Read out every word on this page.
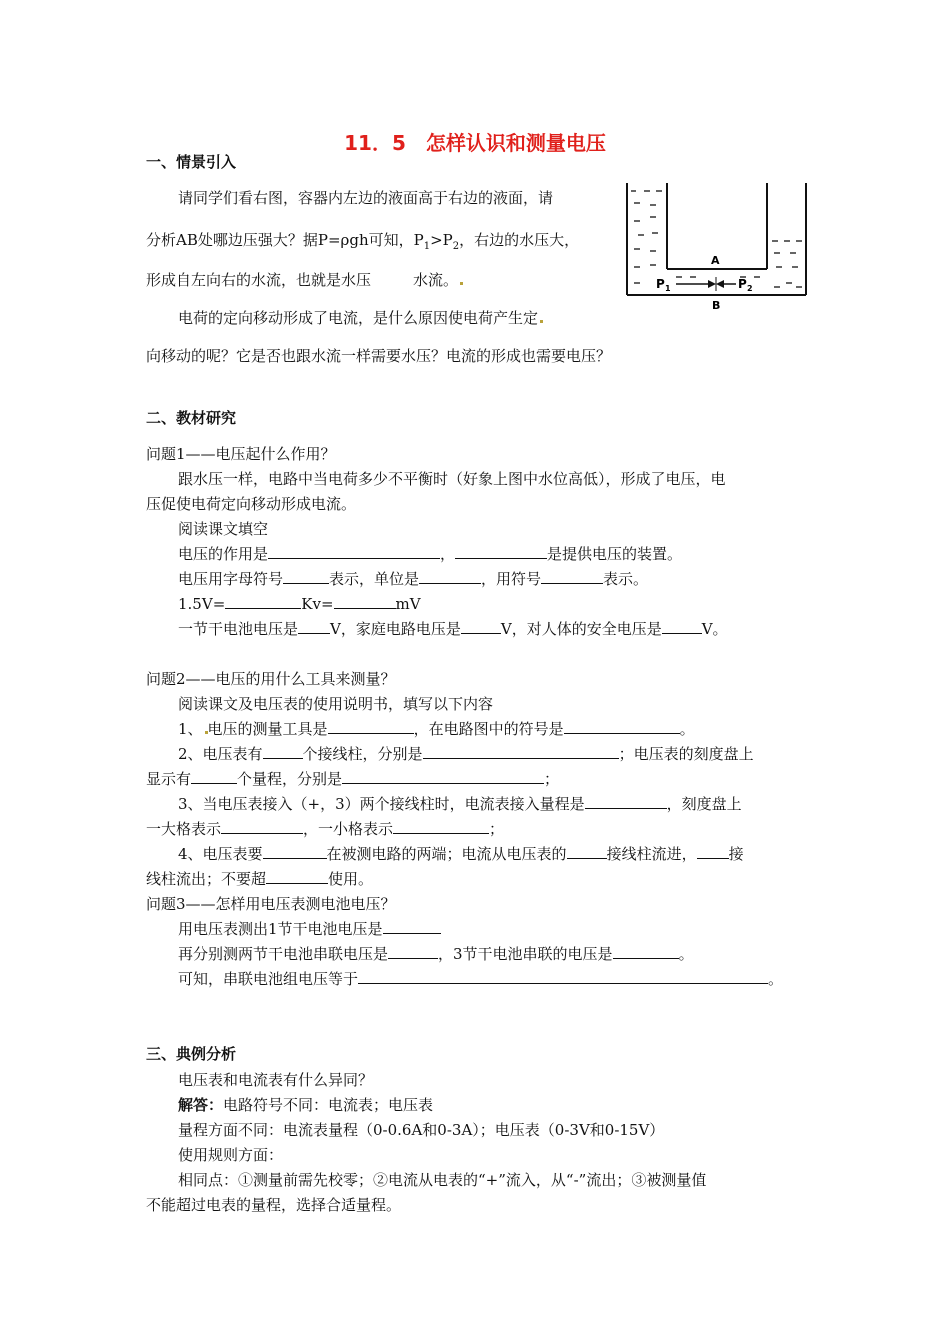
11．5　怎样认识和测量电压
一、情景引入
请同学们看右图，容器内左边的液面高于右边的液面，请
分析AB处哪边压强大？据P=ρgh可知，$P_1>P_2$，右边的水压大，
形成自左向右的水流，也就是水压	水流。
电荷的定向移动形成了电流，是什么原因使电荷产生定
向移动的呢？它是否也跟水流一样需要水压？电流的形成也需要电压？
A
B
P 1	P 2
二、教材研究
问题1——电压起什么作用？
跟水压一样，电路中当电荷多少不平衡时（好象上图中水位高低），形成了电压，电
压促使电荷定向移动形成电流。
阅读课文填空
电压的作用是	，	是提供电压的装置。
电压用字母符号	表示，单位是	，用符号	表示。
1.5V=	Kv=	mV
一节干电池电压是 V，家庭电路电压是	V，对人体的安全电压是	V。
问题2——电压的用什么工具来测量？
阅读课文及电压表的使用说明书，填写以下内容
1、 电压的测量工具是	，在电路图中的符号是	。
2、电压表有	个接线柱，分别是	；电压表的刻度盘上
显示有	个量程，分别是	；
3、当电压表接入（+，3）两个接线柱时，电流表接入量程是	，刻度盘上
一大格表示	，一小格表示	；
4、电压表要	在被测电路的两端；电流从电压表的	接线柱流进， 接
线柱流出；不要超	使用。
问题3——怎样用电压表测电池电压？
用电压表测出1节干电池电压是
再分别测两节干电池串联电压是	，3节干电池串联的电压是	。
可知，串联电池组电压等于	。
三、典例分析
电压表和电流表有什么异同？
解答：电路符号不同：电流表；电压表
量程方面不同：电流表量程（0-0.6A和0-3A）；电压表（0-3V和0-15V）
使用规则方面：
相同点：①测量前需先校零；②电流从电表的“+”流入，从“-”流出；③被测量值
不能超过电表的量程，选择合适量程。
